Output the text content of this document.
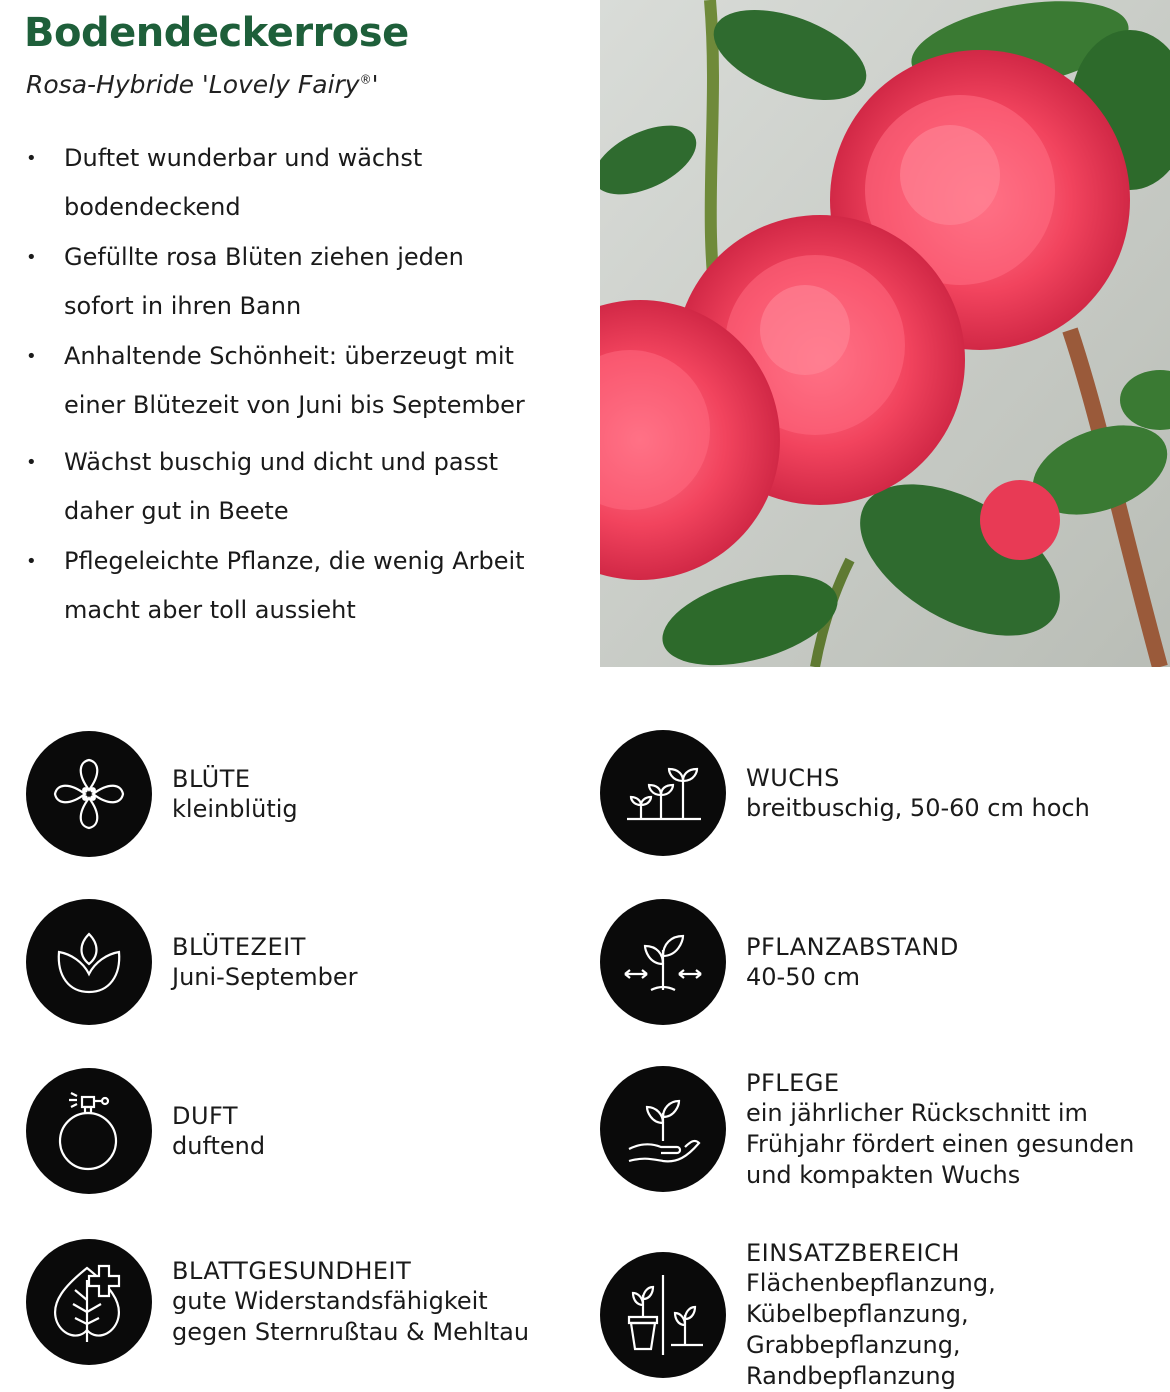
Bodendeckerrose
Rosa-Hybride 'Lovely Fairy®'
• Duftet wunderbar und wächst
bodendeckend
• Gefüllte rosa Blüten ziehen jeden
sofort in ihren Bann
• Anhaltende Schönheit: überzeugt mit
einer Blütezeit von Juni bis September
• Wächst buschig und dicht und passt
daher gut in Beete
• Pflegeleichte Pflanze, die wenig Arbeit
macht aber toll aussieht
BLÜTE
kleinblütig
BLÜTEZEIT
Juni-September
DUFT
duftend
BLATTGESUNDHEIT
gute Widerstandsfähigkeit
gegen Sternrußtau & Mehltau
WUCHS
breitbuschig, 50-60 cm hoch
PFLANZABSTAND
40-50 cm
PFLEGE
ein jährlicher Rückschnitt im
Frühjahr fördert einen gesunden
und kompakten Wuchs
EINSATZBEREICH
Flächenbepflanzung,
Kübelbepflanzung,
Grabbepflanzung, Randbepflanzung
